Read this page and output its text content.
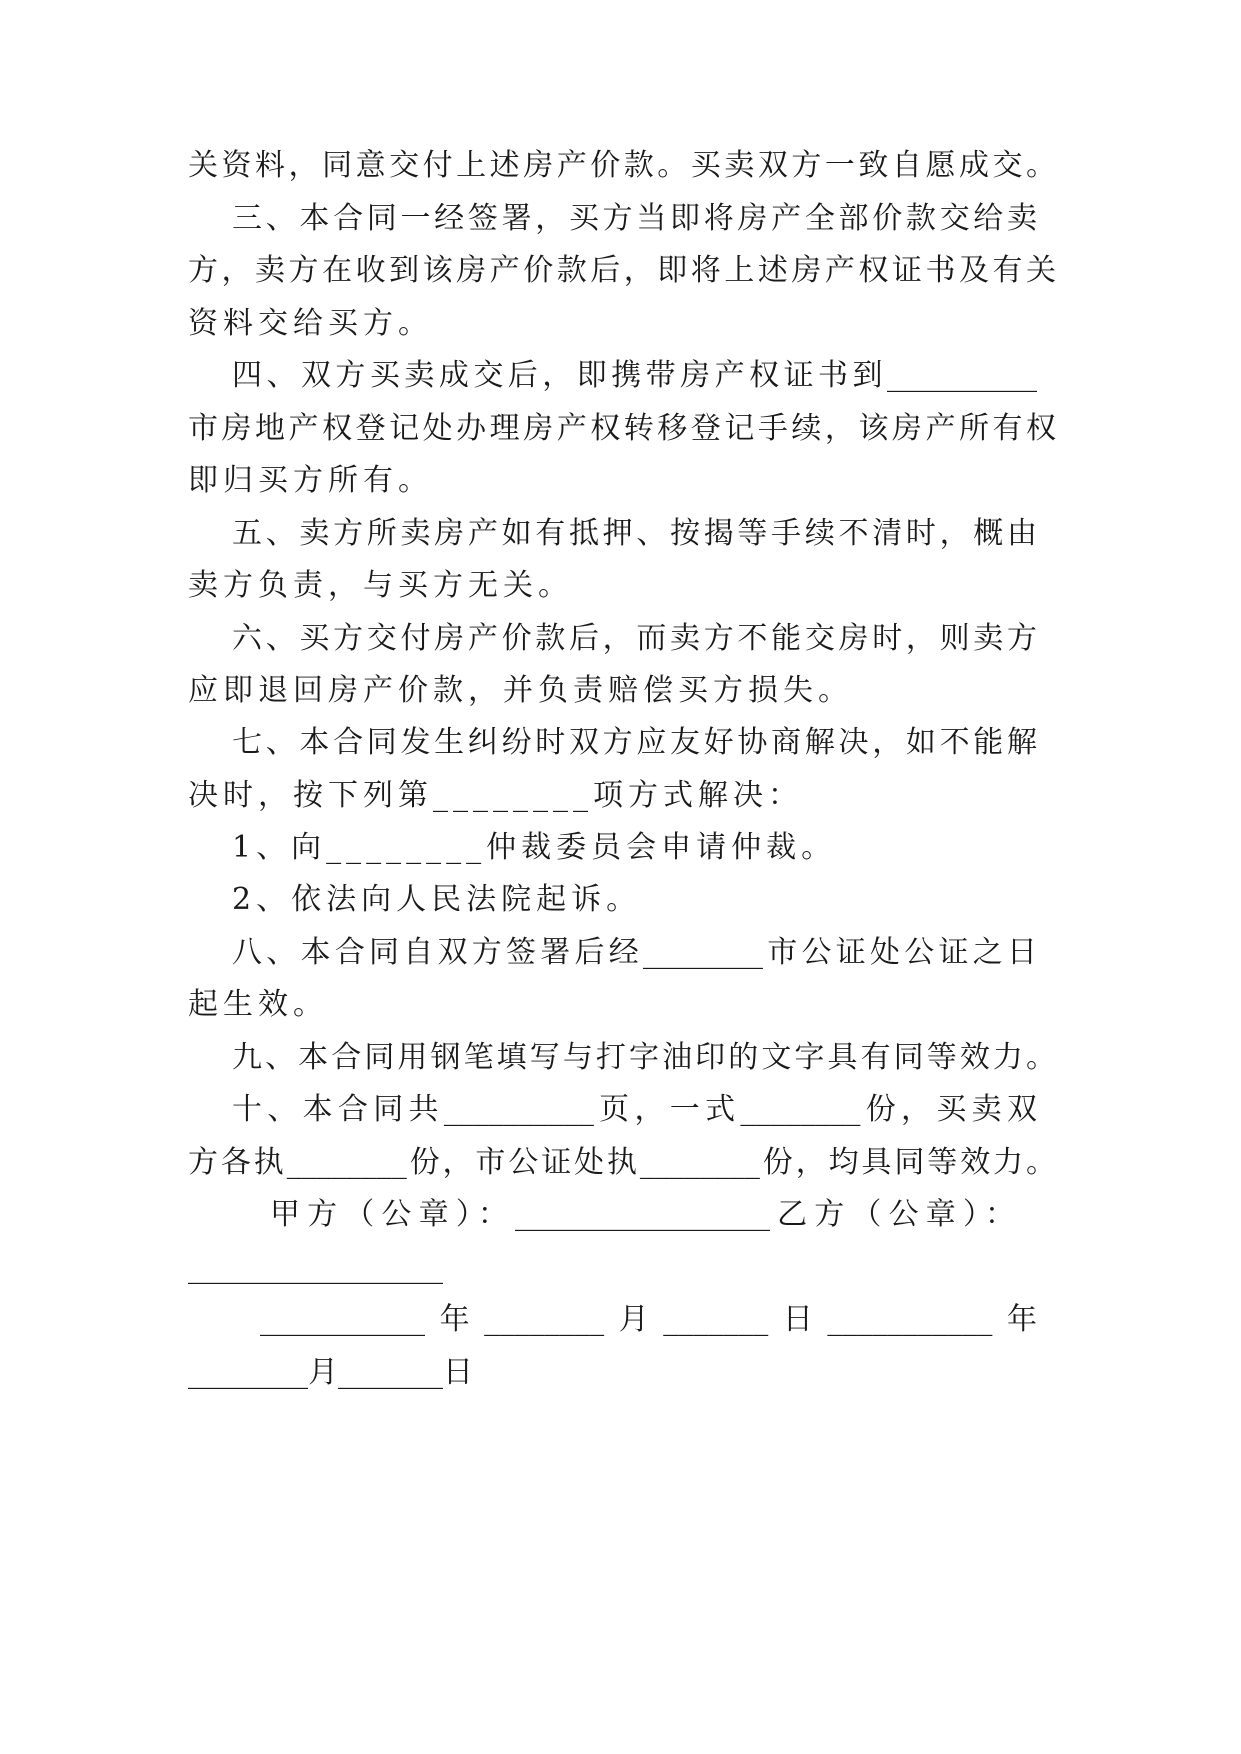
关资料，同意交付上述房产价款。买卖双方一致自愿成交。
三、本合同一经签署，买方当即将房产全部价款交给卖
方，卖方在收到该房产价款后，即将上述房产权证书及有关
资料交给买方。
四、双方买卖成交后，即携带房产权证书到__________
市房地产权登记处办理房产权转移登记手续，该房产所有权
即归买方所有。
五、卖方所卖房产如有抵押、按揭等手续不清时，概由
卖方负责，与买方无关。
六、买方交付房产价款后，而卖方不能交房时，则卖方
应即退回房产价款，并负责赔偿买方损失。
七、本合同发生纠纷时双方应友好协商解决，如不能解
决时，按下列第________项方式解决：
1、向________仲裁委员会申请仲裁。
2、依法向人民法院起诉。
八、本合同自双方签署后经________市公证处公证之日
起生效。
九、本合同用钢笔填写与打字油印的文字具有同等效力。
十、本合同共__________页，一式________份，买卖双
方各执________份，市公证处执________份，均具同等效力。
甲方（公章）：_________________乙方（公章）：
_________________
___________年________月_______日___________年
________月_______日
